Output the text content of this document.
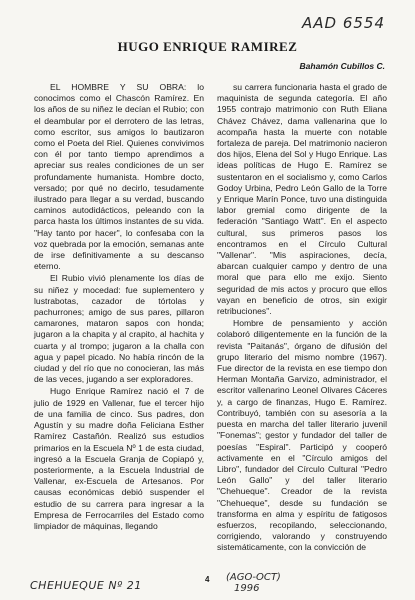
AAD 6554
HUGO ENRIQUE RAMIREZ
Bahamón Cubillos C.

EL HOMBRE Y SU OBRA: lo conocimos como el Chascón Ramírez. En los años de su niñez le decían el Rubio; con el deambular por el derrotero de las letras, como escritor, sus amigos lo bautizaron como el Poeta del Riel. Quienes convivimos con él por tanto tiempo aprendimos a apreciar sus reales condiciones de un ser profundamente humanista. Hombre docto, versado; por qué no decirlo, tesudamente ilustrado para llegar a su verdad, buscando caminos autodidácticos, peleando con la parca hasta los últimos instantes de su vida. "Hay tanto por hacer", lo confesaba con la voz quebrada por la emoción, semanas ante de irse definitivamente a su descanso eterno.

El Rubio vivió plenamente los días de su niñez y mocedad: fue suplementero y lustrabotas, cazador de tórtolas y pachurrones; amigo de sus pares, pillaron camarones, mataron sapos con honda; jugaron a la chapita y al crapito, al hachita y cuarta y al trompo; jugaron a la challa con agua y papel picado. No había rincón de la ciudad y del río que no conocieran, las más de las veces, jugando a ser exploradores.

Hugo Enrique Ramírez nació el 7 de julio de 1929 en Vallenar, fue el tercer hijo de una familia de cinco. Sus padres, don Agustín y su madre doña Feliciana Esther Ramírez Castañón. Realizó sus estudios primarios en la Escuela Nº 1 de esta ciudad, ingresó a la Escuela Granja de Copiapó y, posteriormente, a la Escuela Industrial de Vallenar, ex-Escuela de Artesanos. Por causas económicas debió suspender el estudio de su carrera para ingresar a la Empresa de Ferrocarriles del Estado como limpiador de máquinas, llegando

su carrera funcionaria hasta el grado de maquinista de segunda categoría. El año 1955 contrajo matrimonio con Ruth Eliana Chávez Chávez, dama vallenarina que lo acompaña hasta la muerte con notable fortaleza de pareja. Del matrimonio nacieron dos hijos, Elena del Sol y Hugo Enrique. Las ideas políticas de Hugo E. Ramírez se sustentaron en el socialismo y, como Carlos Godoy Urbina, Pedro León Gallo de la Torre y Enrique Marín Ponce, tuvo una distinguida labor gremial como dirigente de la federación "Santiago Watt". En el aspecto cultural, sus primeros pasos los encontramos en el Círculo Cultural "Vallenar". "Mis aspiraciones, decía, abarcan cualquier campo y dentro de una moral que para ello me exijo. Siento seguridad de mis actos y procuro que ellos vayan en beneficio de otros, sin exigir retribuciones".

Hombre de pensamiento y acción colaboró diligentemente en la función de la revista "Paitanás", órgano de difusión del grupo literario del mismo nombre (1967). Fue director de la revista en ese tiempo don Herman Montaña Garvizo, administrador, el escritor vallenarino Leonel Olivares Cáceres y, a cargo de finanzas, Hugo E. Ramírez. Contribuyó, también con su asesoría a la puesta en marcha del taller literario juvenil "Fonemas"; gestor y fundador del taller de poesías "Espiral". Participó y cooperó activamente en el "Círculo amigos del Libro", fundador del Círculo Cultural "Pedro León Gallo" y del taller literario "Chehueque". Creador de la revista "Chehueque", desde su fundación se transforma en alma y espíritu de fatigosos esfuerzos, recopilando, seleccionando, corrigiendo, valorando y construyendo sistemáticamente, con la convicción de

CHEHUEQUE Nº 21	4 (AGO-OCT)
1996
